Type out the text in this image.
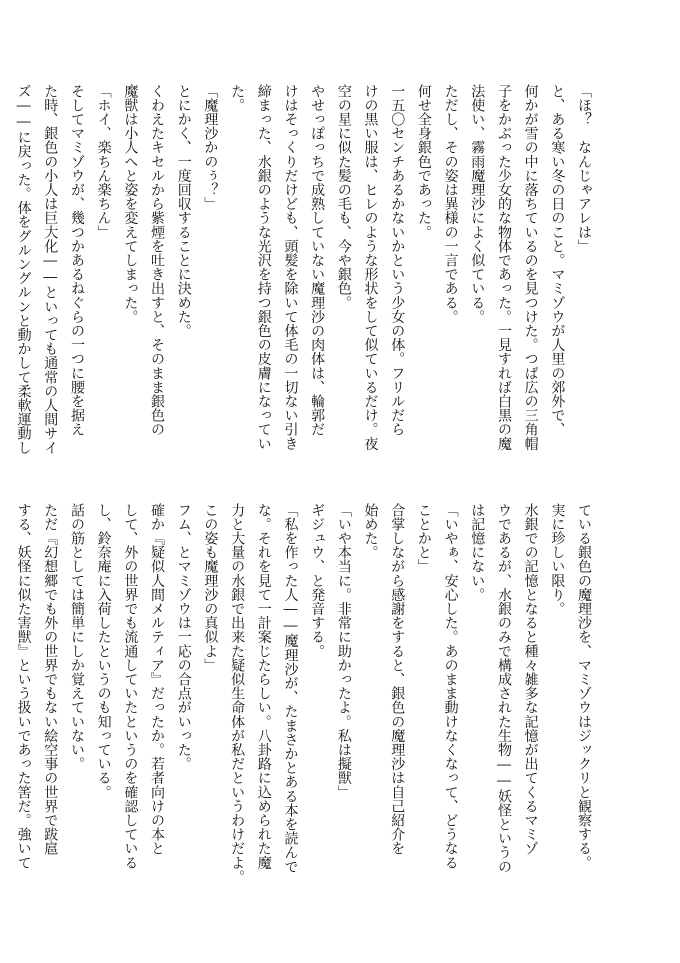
「ほ？　なんじゃアレは」
と、ある寒い冬の日のこと。マミゾウが人里の郊外で、
何かが雪の中に落ちているのを見つけた。つば広の三角帽
子をかぶった少女的な物体であった。一見すれば白黒の魔
法使い、霧雨魔理沙によく似ている。
ただし、その姿は異様の一言である。
何せ全身銀色であった。
一五〇センチあるかないかという少女の体。フリルだら
けの黒い服は、ヒレのような形状をして似ているだけ。夜
空の星に似た髪の毛も、今や銀色。
やせっぽっちで成熟していない魔理沙の肉体は、輪郭だ
けはそっくりだけども、頭髪を除いて体毛の一切ない引き
締まった、水銀のような光沢を持つ銀色の皮膚になってい
た。
「魔理沙かのぅ？」
とにかく、一度回収することに決めた。
くわえたキセルから紫煙を吐き出すと、そのまま銀色の
魔獣は小人へと姿を変えてしまった。
「ホイ、楽ちん楽ちん」
そしてマミゾウが、幾つかあるねぐらの一つに腰を据え
た時、銀色の小人は巨大化――といっても通常の人間サイ
ズ――に戻った。体をグルングルンと動かして柔軟運動し
ている銀色の魔理沙を、マミゾウはジックリと観察する。
実に珍しい限り。
水銀での記憶となると種々雑多な記憶が出てくるマミゾ
ウであるが、水銀のみで構成された生物――妖怪というの
は記憶にない。
「いやぁ、安心した。あのまま動けなくなって、どうなる
ことかと」
合掌しながら感謝をすると、銀色の魔理沙は自己紹介を
始めた。
「いや本当に。非常に助かったよ。私は擬獣」
ギジュウ、と発音する。
「私を作った人――魔理沙が、たまさかとある本を読んで
な。それを見て一計案じたらしい。八卦路に込められた魔
力と大量の水銀で出来た疑似生命体が私だというわけだよ。
この姿も魔理沙の真似よ」
フム、とマミゾウは一応の合点がいった。
確か『疑似人間メルティア』だったか。若者向けの本と
して、外の世界でも流通していたというのを確認している
し、鈴奈庵に入荷したというのも知っている。
話の筋としては簡単にしか覚えていない。
ただ『幻想郷でも外の世界でもない絵空事の世界で跋扈
する、妖怪に似た害獣』という扱いであった筈だ。強いて
